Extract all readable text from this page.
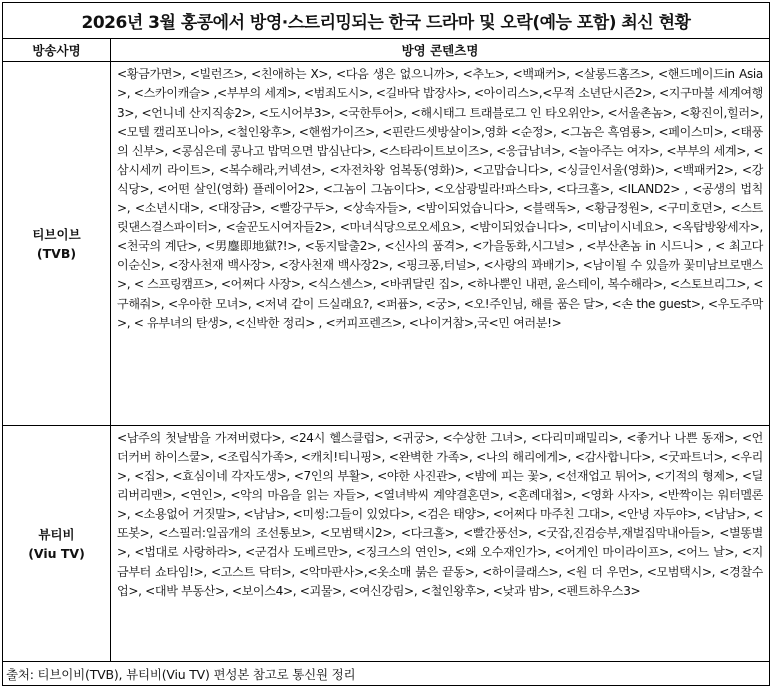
2026년 3월 홍콩에서 방영·스트리밍되는 한국 드라마 및 오락(예능 포함) 최신 현황	
방송사명	방영 콘텐츠명

티브이브
(TVB)	<황금가면>, <빌런즈>, <친애하는 X>, <다음 생은 없으니까>, <추노>, <백패커>, <살롱드홈즈>, <핸드메이드in Asia>, <스카이캐슬> ,<부부의 세계>, <범죄도시>, <길바닥 밥장사>, <아이리스>,<무적 소년단시즌2>, <지구마불 세계여행3>, <언니네 산지직송2>, <도시어부3>, <국한투어>, <해시태그 트래블로그 인 타오위안>, <서울촌놈>, <황진이,힐러>, <모텔 캘리포니아>, <철인왕후>, <핸썸가이즈>, <핀란드셋방살이>,영화 <순정>, <그놈은 흑염룡>, <페이스미>, <태풍의 신부>, <콩심은데 콩나고 밥먹으면 밥심난다>, <스타라이트보이즈>, <응급남녀>, <놀아주는 여자>, <부부의 세계>, <삼시세끼 라이트>, <복수해라,커넥션>, <자전차왕 엄복동(영화)>, <고맙습니다>, <싱글인서울(영화)>, <백패커2>, <강식당>, <어떤 살인(영화) 플레이어2>, <그놈이 그놈이다>, <오삼광빌라!파스타>, <다크홀>, <ILAND2> , <공생의 법칙>, <소년시대>, <대장금>, <빨강구두>, <상속자들>, <밤이되었습니다>, <블랙독>, <황금정원>, <구미호뎐>, <스트릿댄스걸스파이터>, <술꾼도시여자들2>, <마녀식당으로오세요>, <밤이되었습니다>, <미남이시네요>, <옥탑방왕세자>, <천국의 계단>, <男鏖即地獄?!>, <동지탈출2>, <신사의 품격>, <가을동화,시그널> , <부산촌놈 in 시드니> , < 최고다 이순신>, <장사천재 백사장>, <장사천재 백사장2>, <핑크퐁,터널>, <사랑의 꽈배기>, <남이될 수 있을까 꽃미남브로맨스>, < 스프링캠프>, <어쩌다 사장>, <식스센스>, <바퀴달린 집>, <하나뿐인 내편, 윤스테이, 복수해라>, <스토브리그>, <구해줘>, <우아한 모녀>, <저녁 같이 드실래요?, <퍼퓸>, <궁>, <오!주인님, 해를 품은 달>, <손 the guest>, <우도주막>, < 유부녀의 탄생>, <신박한 정리> , <커피프렌즈>, <나이거참>,국<민 여러분!>

뷰티비
(Viu TV)	<남주의 첫날밤을 가져버렸다>, <24시 헬스클럽>, <귀궁>, <수상한 그녀>, <다리미패밀리>, <좋거나 나쁜 동재>, <언더커버 하이스쿨>, <조립식가족>, <캐치!티니핑>, <완벽한 가족>, <나의 해리에게>, <감사합니다>, <굿파트너>, <우리>, <집>, <효심이네 각자도생>, <7인의 부활>, <야한 사진관>, <밤에 피는 꽃>, <선재업고 튀어>, <기적의 형제>, <딜리버리맨>, <연인>, <악의 마음을 읽는 자들>, <열녀박씨 계약결혼뎐>, <혼례대첩>, <영화 사자>, <반짝이는 워터멜론>, <소용없어 거짓말>, <남남>, <미씽:그들이 있었다>, <검은 태양>, <어쩌다 마주친 그대>, <안녕 자두야>, <남남>, <또봇>, <스필러:일곱개의 조선통보>, <모범택시2>, <다크홀>, <빨간풍선>, <굿잡,진검승부,재벌집막내아들>, <별똥별>, <법대로 사랑하라>, <군검사 도베르만>, <징크스의 연인>, <왜 오수재인가>, <어게인 마이라이프>, <어느 날>, <지금부터 쇼타임!>, <고스트 닥터>, <악마판사>,<옷소매 붉은 끝동>, <하이클래스>, <원 더 우먼>, <모범택시>, <경찰수업>, <대박 부동산>, <보이스4>, <괴물>, <여신강림>, <철인왕후>, <낮과 밤>, <펜트하우스3>
출처: 티브이비(TVB), 뷰티비(Viu TV) 편성본 참고로 통신원 정리	
